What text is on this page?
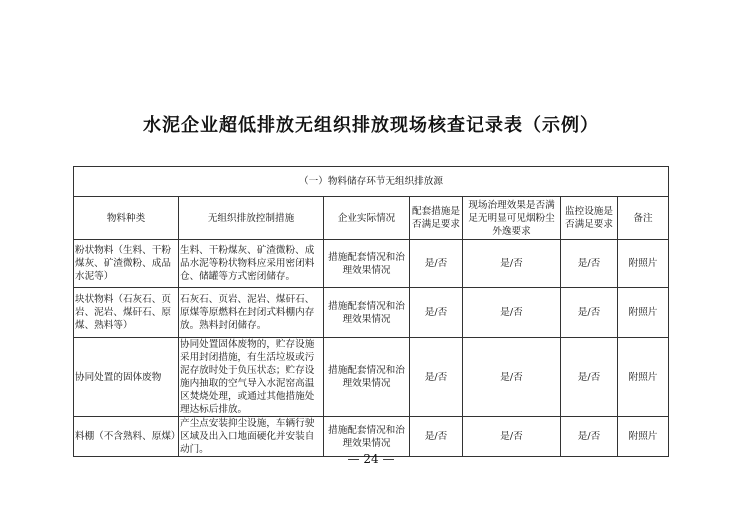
水泥企业超低排放无组织排放现场核查记录表（示例）
（一）物料储存环节无组织排放源						
物料种类	无组织排放控制措施	企业实际情况	配套措施是否满足要求	现场治理效果是否满足无明显可见烟粉尘外逸要求	监控设施是否满足要求	备注
粉状物料（生料、干粉煤灰、矿渣微粉、成品水泥等）	生料、干粉煤灰、矿渣微粉、成品水泥等粉状物料应采用密闭料仓、储罐等方式密闭储存。	措施配套情况和治理效果情况	是/否	是/否	是/否	附照片
块状物料（石灰石、页岩、泥岩、煤矸石、原煤、熟料等）	石灰石、页岩、泥岩、煤矸石、原煤等原燃料在封闭式料棚内存放。熟料封闭储存。	措施配套情况和治理效果情况	是/否	是/否	是/否	附照片
协同处置的固体废物	协同处置固体废物的，贮存设施采用封闭措施，有生活垃圾或污泥存放时处于负压状态；贮存设施内抽取的空气导入水泥窑高温区焚烧处理，或通过其他措施处理达标后排放。	措施配套情况和治理效果情况	是/否	是/否	是/否	附照片
料棚（不含熟料、原煤）	产尘点安装抑尘设施，车辆行驶区域及出入口地面硬化并安装自动门。	措施配套情况和治理效果情况	是/否	是/否	是/否	附照片
— 24 —
